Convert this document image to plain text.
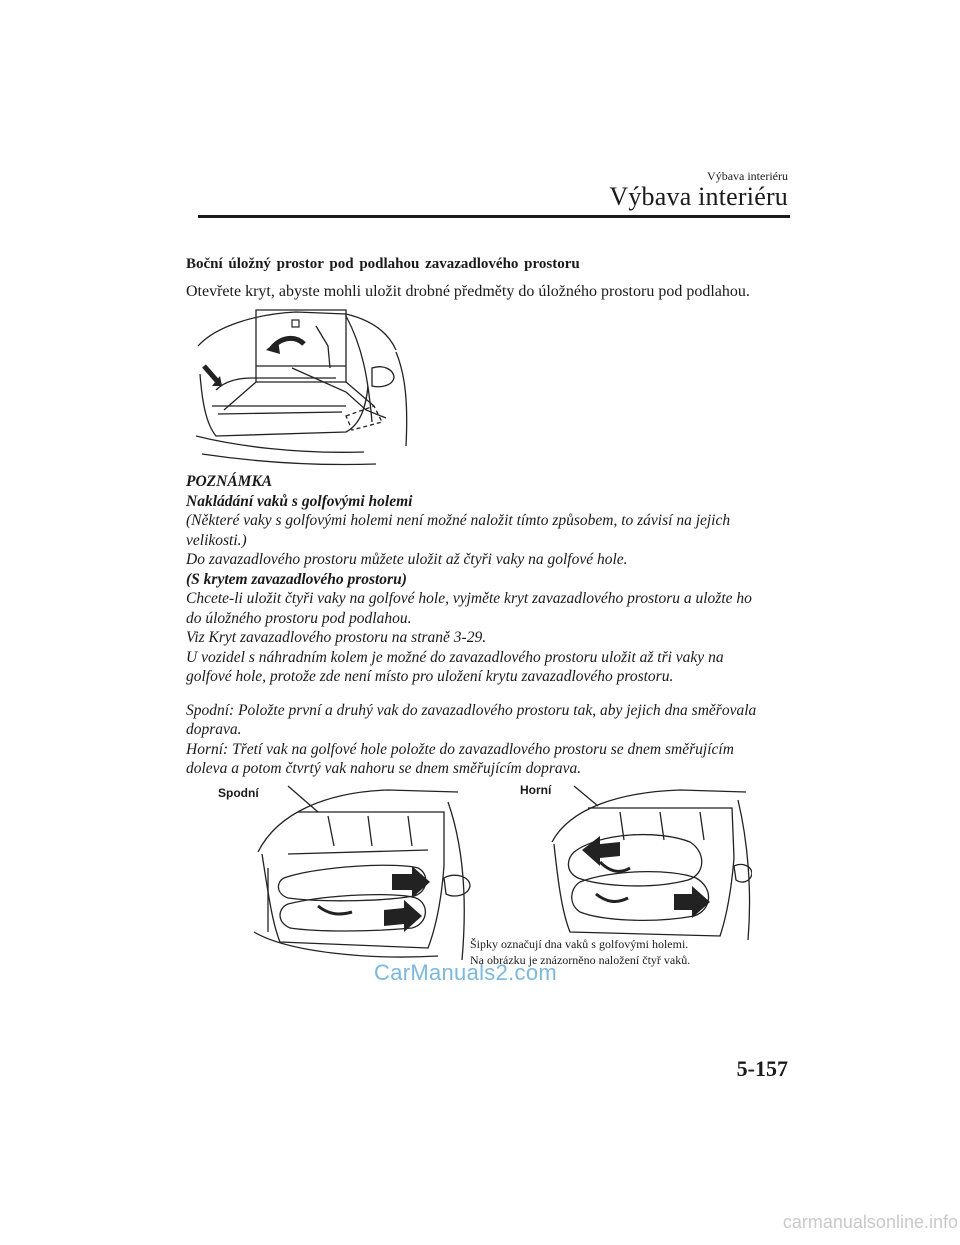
Výbava interiéru
Výbava interiéru
Boční úložný prostor pod podlahou zavazadlového prostoru
Otevřete kryt, abyste mohli uložit drobné předměty do úložného prostoru pod podlahou.
POZNÁMKA
Nakládání vaků s golfovými holemi
(Některé vaky s golfovými holemi není možné naložit tímto způsobem, to závisí na jejich
velikosti.)
Do zavazadlového prostoru můžete uložit až čtyři vaky na golfové hole.
(S krytem zavazadlového prostoru)
Chcete-li uložit čtyři vaky na golfové hole, vyjměte kryt zavazadlového prostoru a uložte ho
do úložného prostoru pod podlahou.
Viz Kryt zavazadlového prostoru na straně 3-29.
U vozidel s náhradním kolem je možné do zavazadlového prostoru uložit až tři vaky na
golfové hole, protože zde není místo pro uložení krytu zavazadlového prostoru.
Spodní: Položte první a druhý vak do zavazadlového prostoru tak, aby jejich dna směřovala
doprava.
Horní: Třetí vak na golfové hole položte do zavazadlového prostoru se dnem směřujícím
doleva a potom čtvrtý vak nahoru se dnem směřujícím doprava.
Spodní	Horní
Šipky označují dna vaků s golfovými holemi.
Na obrázku je znázorněno naložení čtyř vaků.
CarManuals2.com
5-157
carmanualsonline.info
